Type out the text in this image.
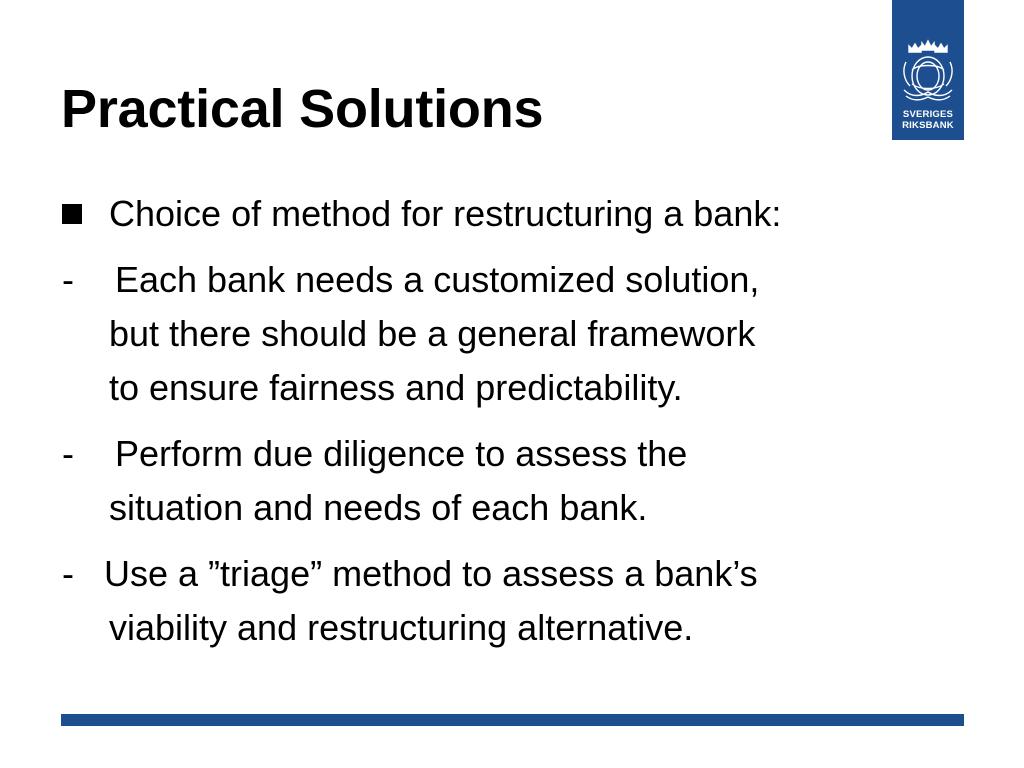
Practical Solutions	SVERIGES
RIKSBANK
Choice of method for restructuring a bank:
- Each bank needs a customized solution,
but there should be a general framework
to ensure fairness and predictability.
- Perform due diligence to assess the
situation and needs of each bank.
- Use a ”triage” method to assess a bank’s
viability and restructuring alternative.
